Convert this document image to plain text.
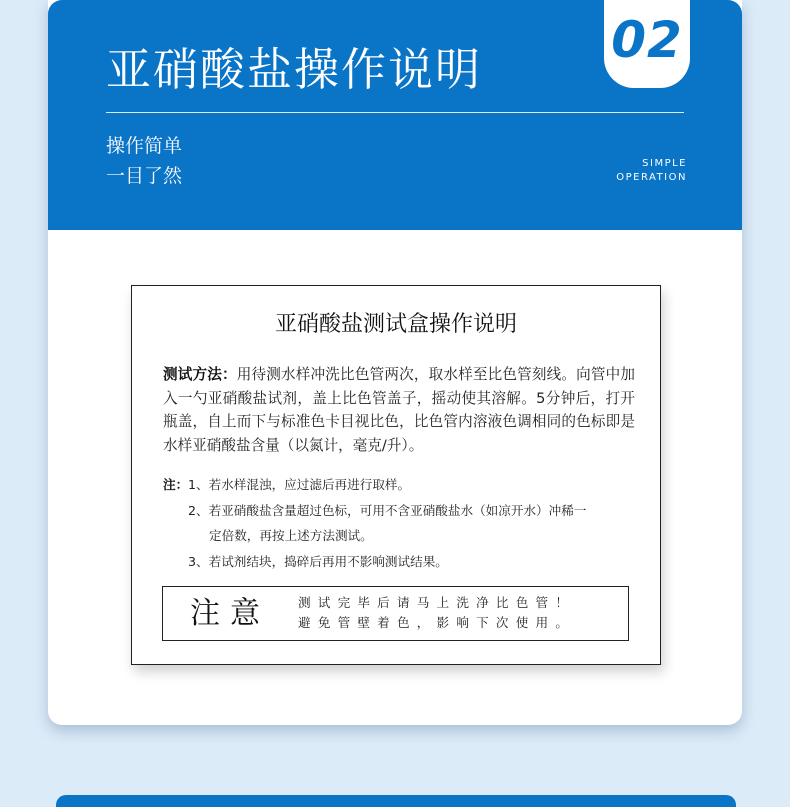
亚硝酸盐操作说明
操作简单
一目了然
SIMPLE
OPERATION
02
亚硝酸盐测试盒操作说明

测试方法：用待测水样冲洗比色管两次，取水样至比色管刻线。向管中加入一勺亚硝酸盐试剂，盖上比色管盖子，摇动使其溶解。5分钟后，打开瓶盖，自上而下与标准色卡目视比色，比色管内溶液色调相同的色标即是水样亚硝酸盐含量（以氮计，毫克/升）。

注： 1、若水样混浊，应过滤后再进行取样。
2、若亚硝酸盐含量超过色标，可用不含亚硝酸盐水（如凉开水）冲稀一
定倍数，再按上述方法测试。
3、若试剂结块，捣碎后再用不影响测试结果。
注意 测试完毕后请马上洗净比色管！
避免管壁着色，影响下次使用。
